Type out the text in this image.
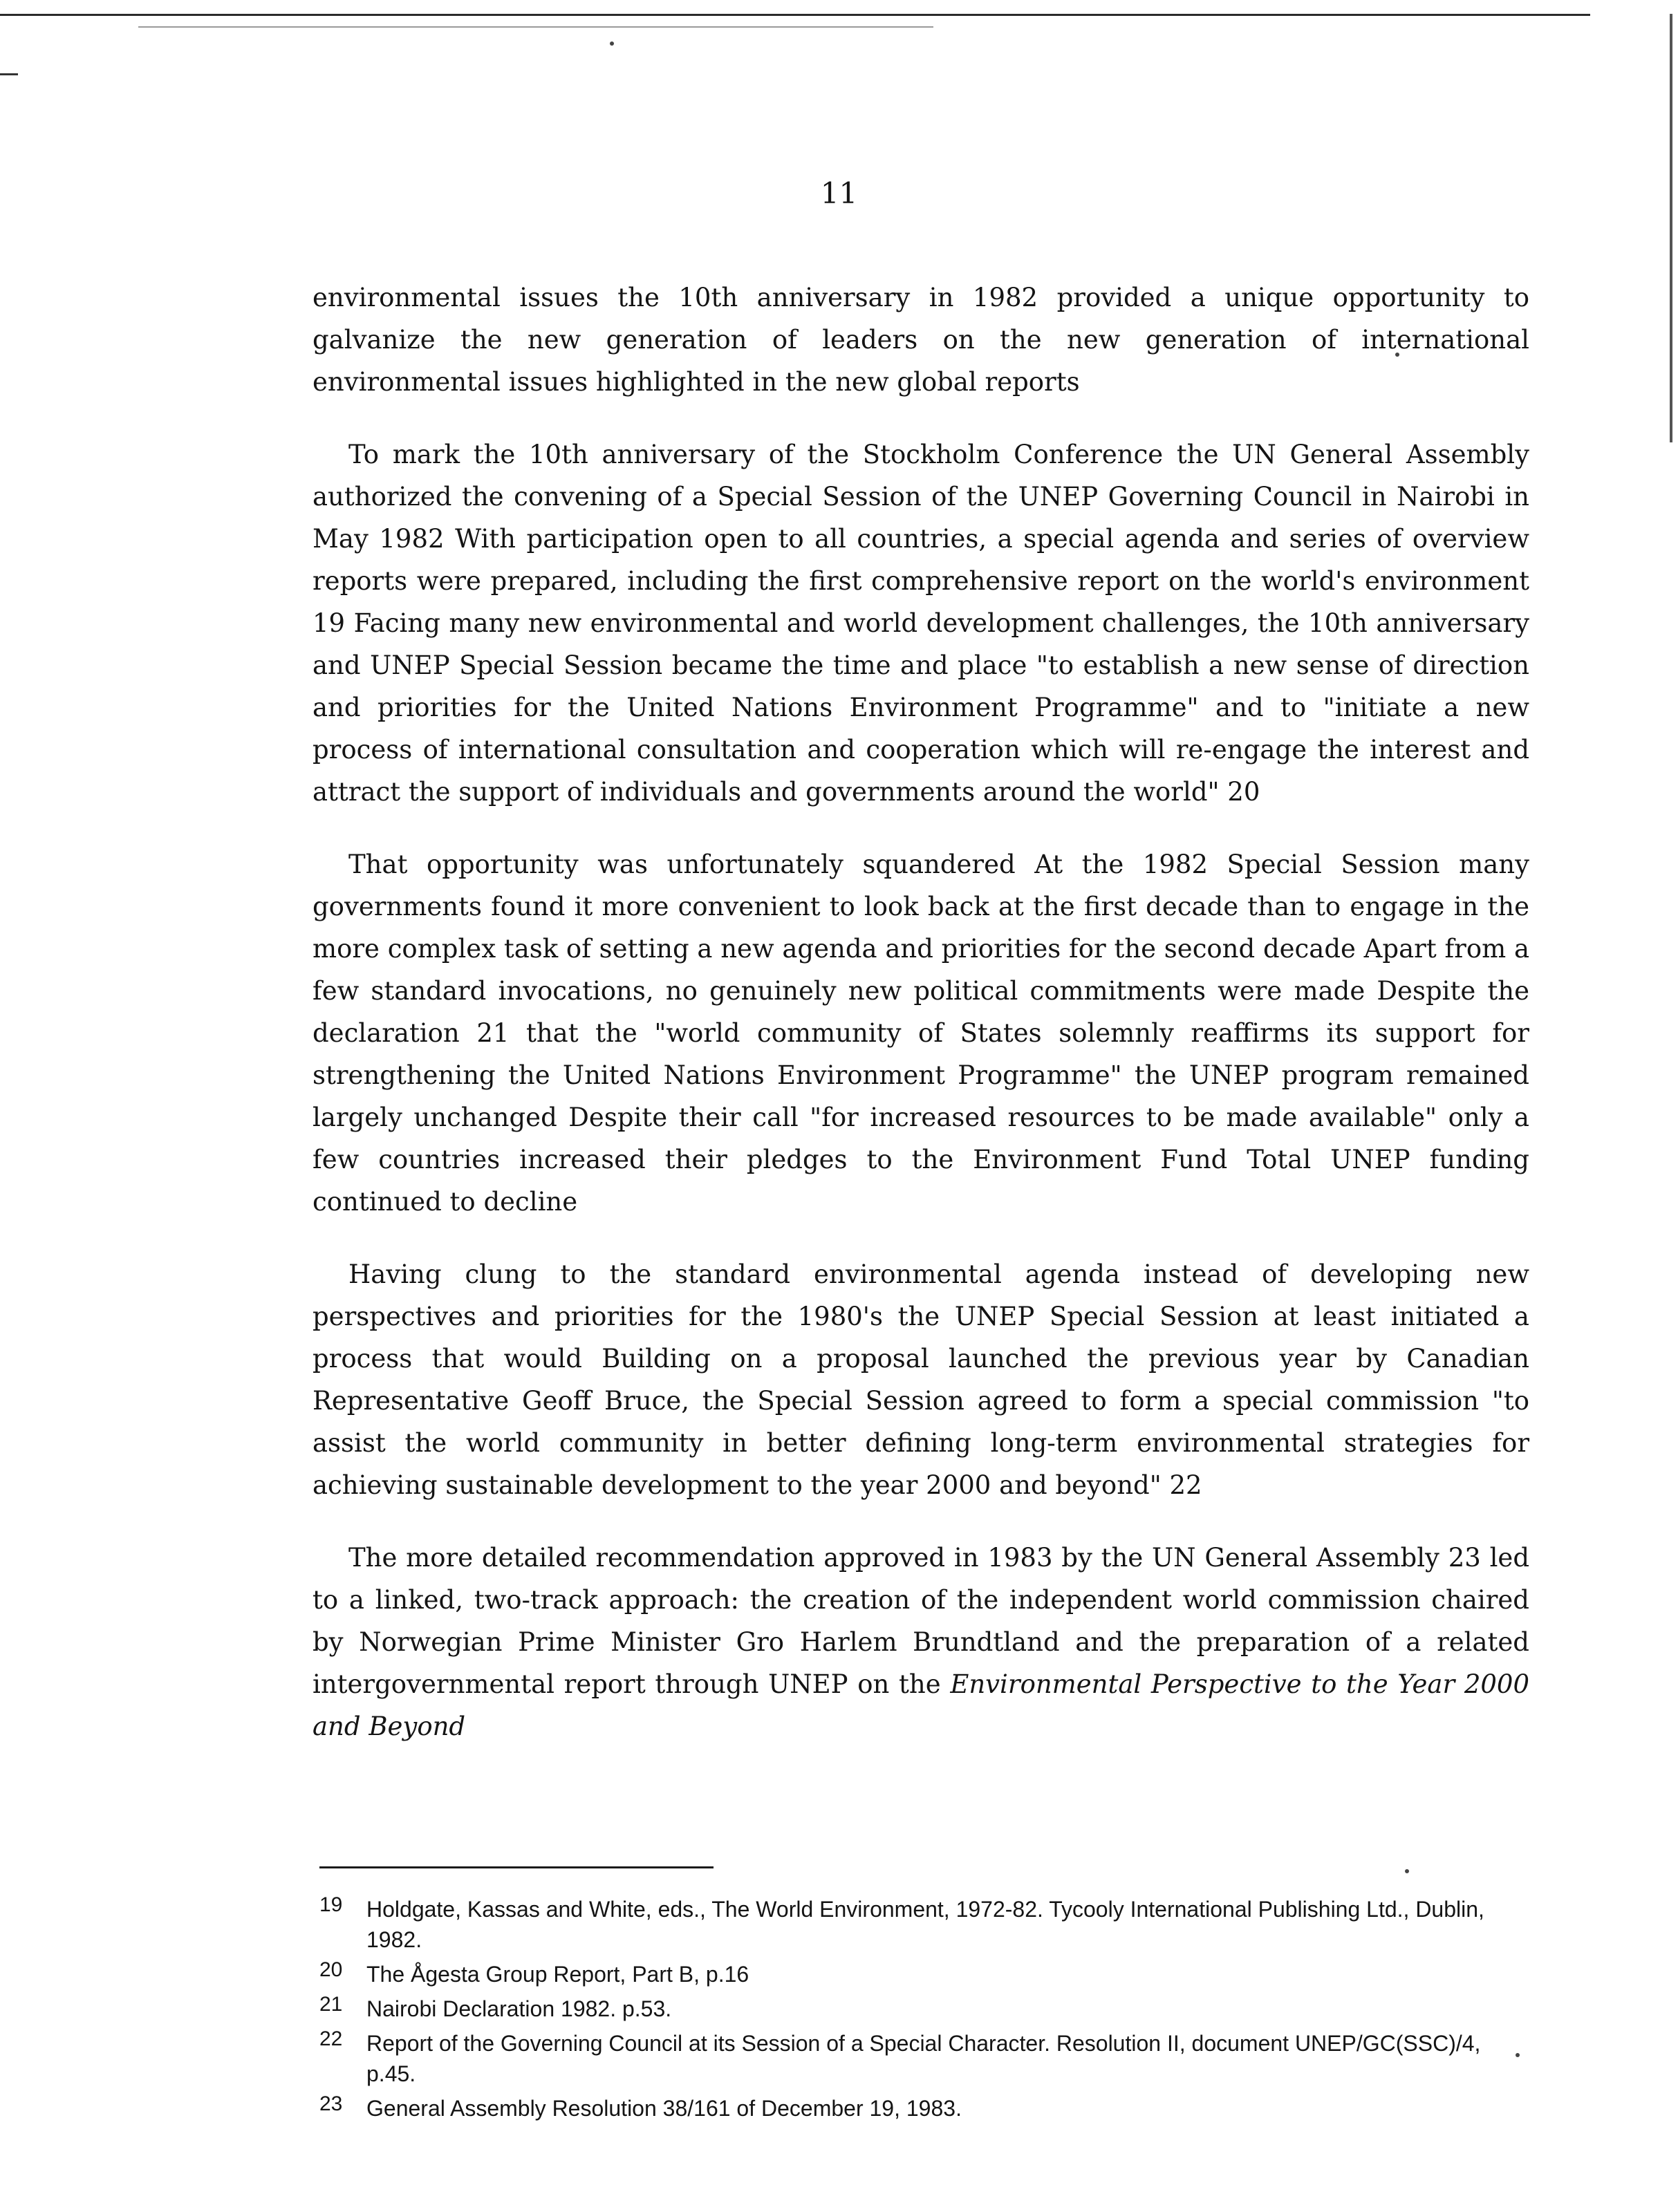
11

environmental issues the 10th anniversary in 1982 provided a unique opportunity to galvanize the new generation of leaders on the new generation of international environmental issues highlighted in the new global reports

To mark the 10th anniversary of the Stockholm Conference the UN General Assembly authorized the convening of a Special Session of the UNEP Governing Council in Nairobi in May 1982 With participation open to all countries, a special agenda and series of overview reports were prepared, including the first comprehensive report on the world's environment 19 Facing many new environmental and world development challenges, the 10th anniversary and UNEP Special Session became the time and place "to establish a new sense of direction and priorities for the United Nations Environment Programme" and to "initiate a new process of international consultation and cooperation which will re-engage the interest and attract the support of individuals and governments around the world" 20

That opportunity was unfortunately squandered At the 1982 Special Session many governments found it more convenient to look back at the first decade than to engage in the more complex task of setting a new agenda and priorities for the second decade Apart from a few standard invocations, no genuinely new political commitments were made Despite the declaration 21 that the "world community of States solemnly reaffirms its support for strengthening the United Nations Environment Programme" the UNEP program remained largely unchanged Despite their call "for increased resources to be made available" only a few countries increased their pledges to the Environment Fund Total UNEP funding continued to decline

Having clung to the standard environmental agenda instead of developing new perspectives and priorities for the 1980's the UNEP Special Session at least initiated a process that would Building on a proposal launched the previous year by Canadian Representative Geoff Bruce, the Special Session agreed to form a special commission "to assist the world community in better defining long-term environmental strategies for achieving sustainable development to the year 2000 and beyond" 22

The more detailed recommendation approved in 1983 by the UN General Assembly 23 led to a linked, two-track approach: the creation of the independent world commission chaired by Norwegian Prime Minister Gro Harlem Brundtland and the preparation of a related intergovernmental report through UNEP on the Environmental Perspective to the Year 2000 and Beyond

19 Holdgate, Kassas and White, eds., The World Environment, 1972-82. Tycooly International Publishing Ltd., Dublin, 1982.
20 The Ågesta Group Report, Part B, p.16
21 Nairobi Declaration 1982. p.53.
22 Report of the Governing Council at its Session of a Special Character. Resolution II, document UNEP/GC(SSC)/4, p.45.
23 General Assembly Resolution 38/161 of December 19, 1983.
